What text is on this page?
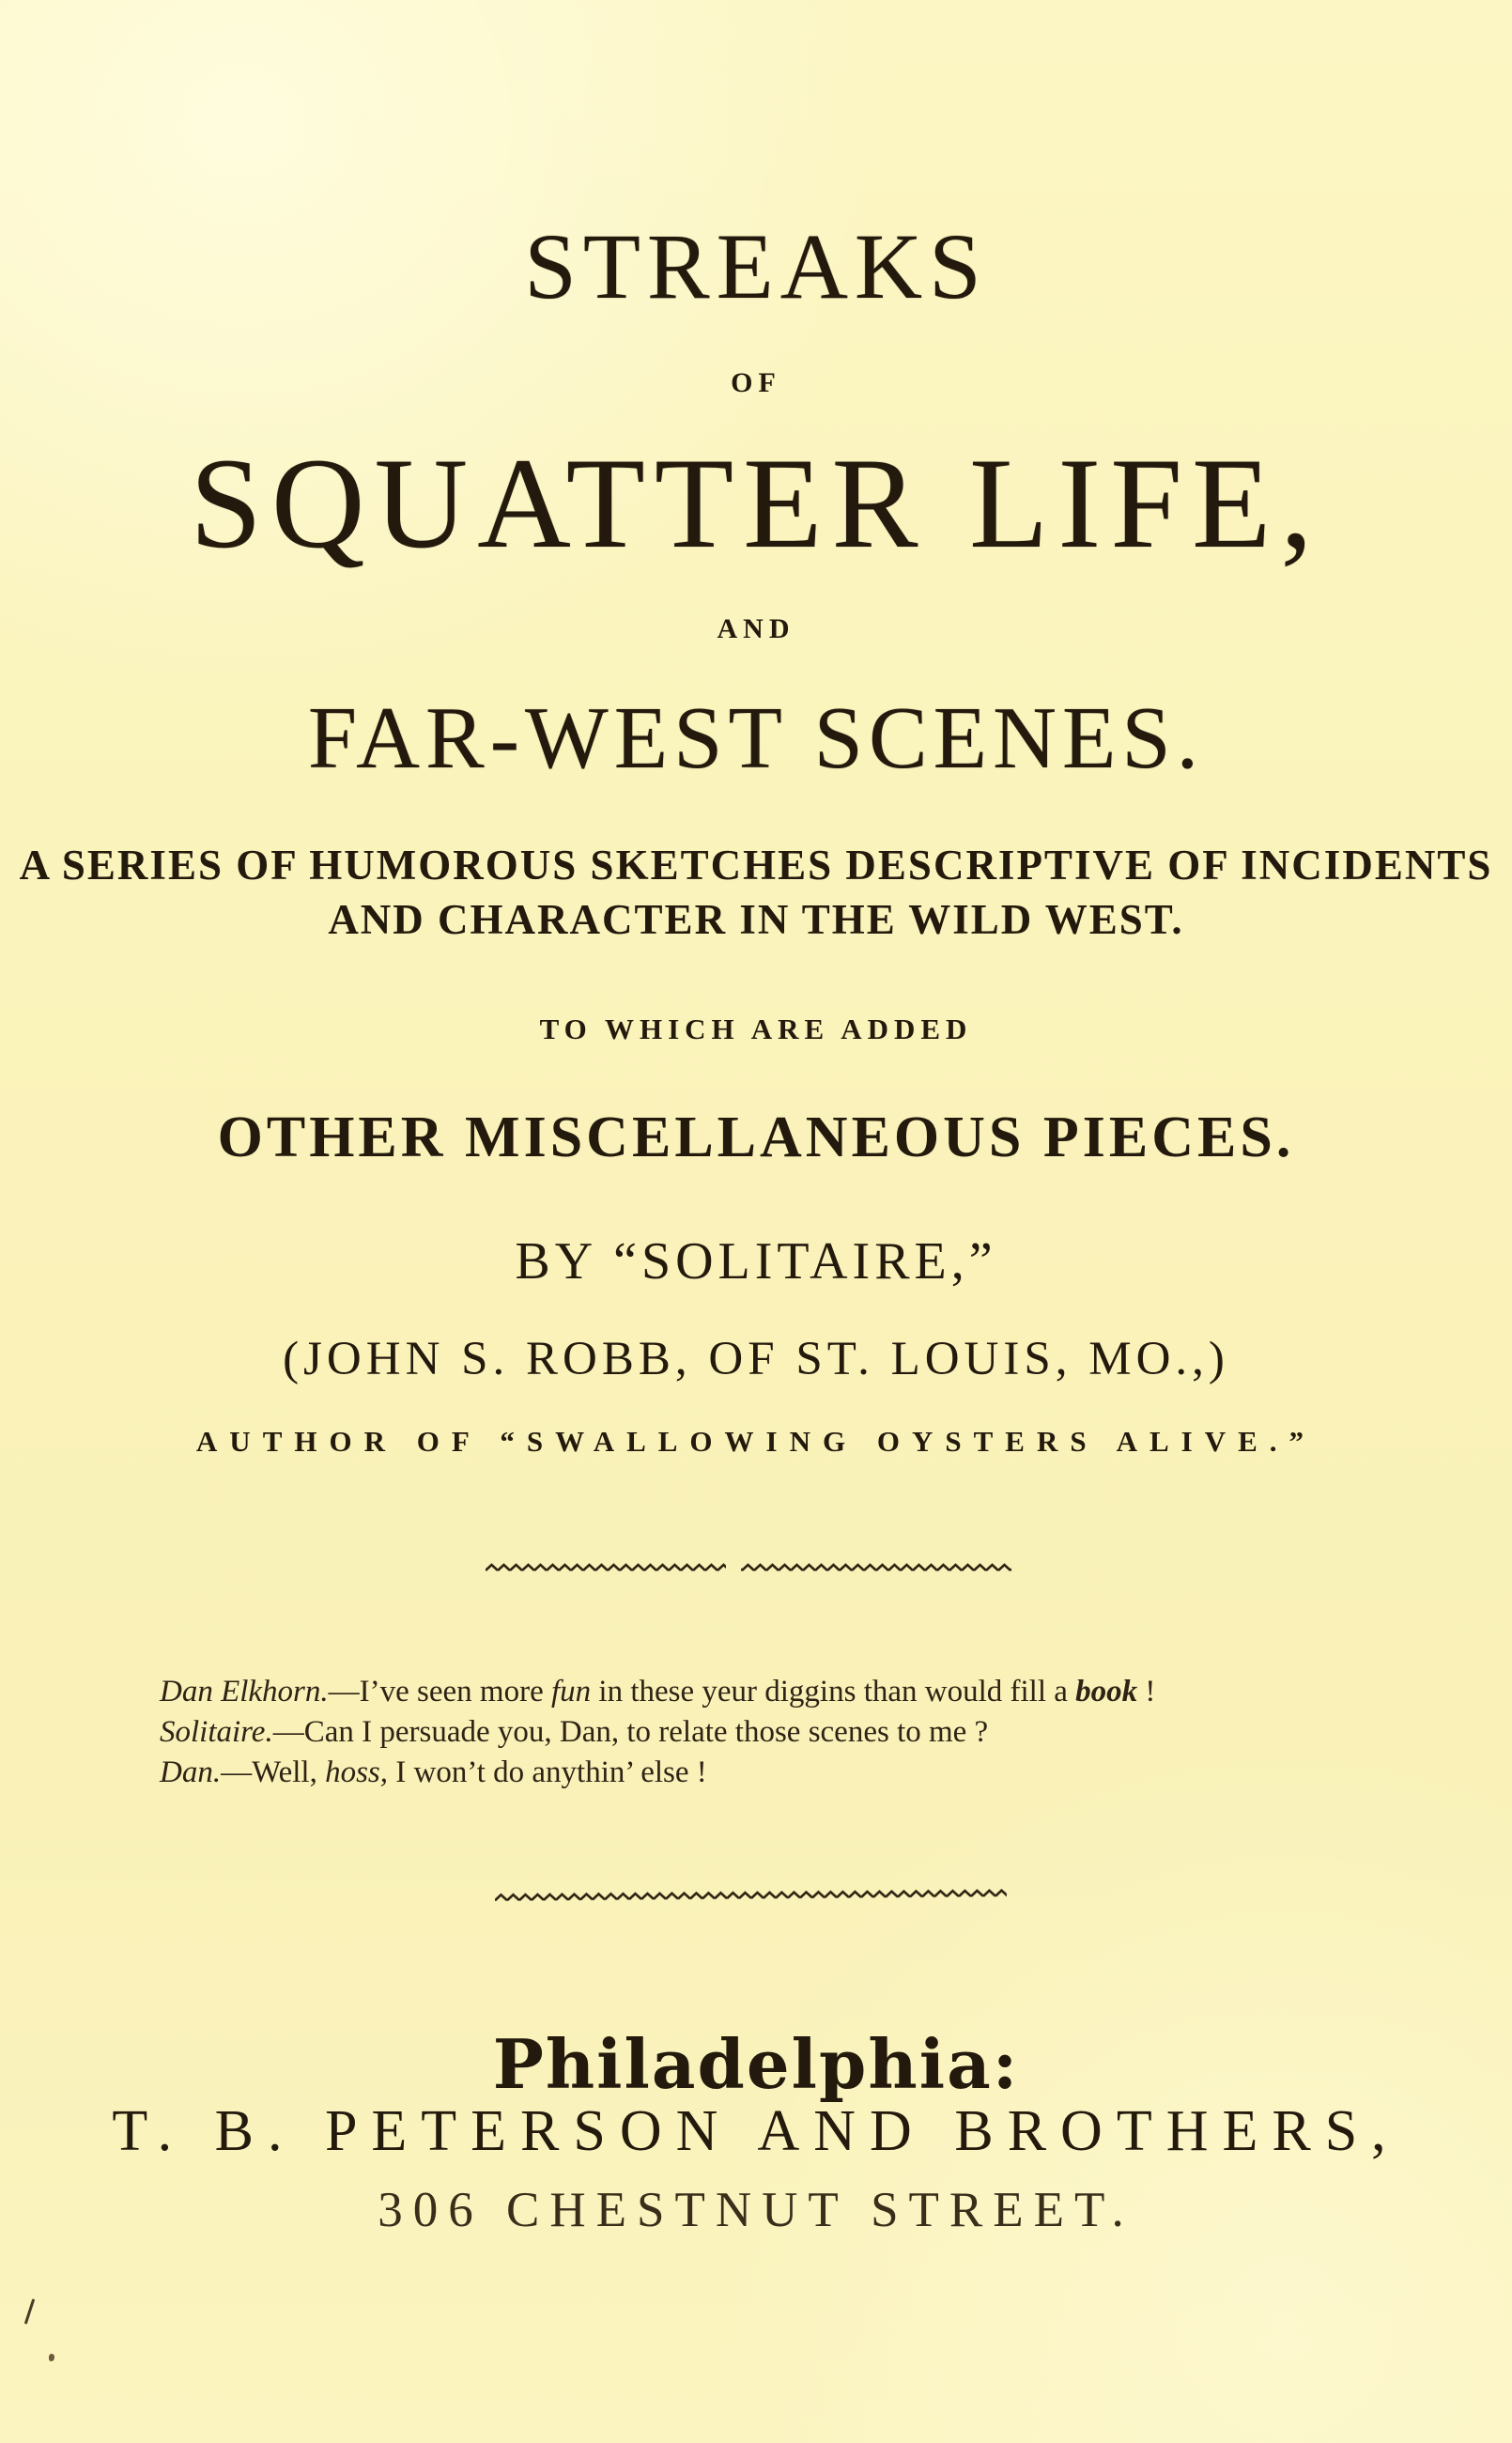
STREAKS
OF
SQUATTER LIFE,
AND
FAR-WEST SCENES.
A SERIES OF HUMOROUS SKETCHES DESCRIPTIVE OF INCIDENTS
AND CHARACTER IN THE WILD WEST.
TO WHICH ARE ADDED
OTHER MISCELLANEOUS PIECES.
BY “SOLITAIRE,”
(JOHN S. ROBB, OF ST. LOUIS, MO.,)
AUTHOR OF “SWALLOWING OYSTERS ALIVE.”
Dan Elkhorn.—I’ve seen more fun in these yeur diggins than would fill a book !
Solitaire.—Can I persuade you, Dan, to relate those scenes to me ?
Dan.—Well, hoss, I won’t do anythin’ else !
Philadelphia:
T. B. PETERSON AND BROTHERS,
306 CHESTNUT STREET.
